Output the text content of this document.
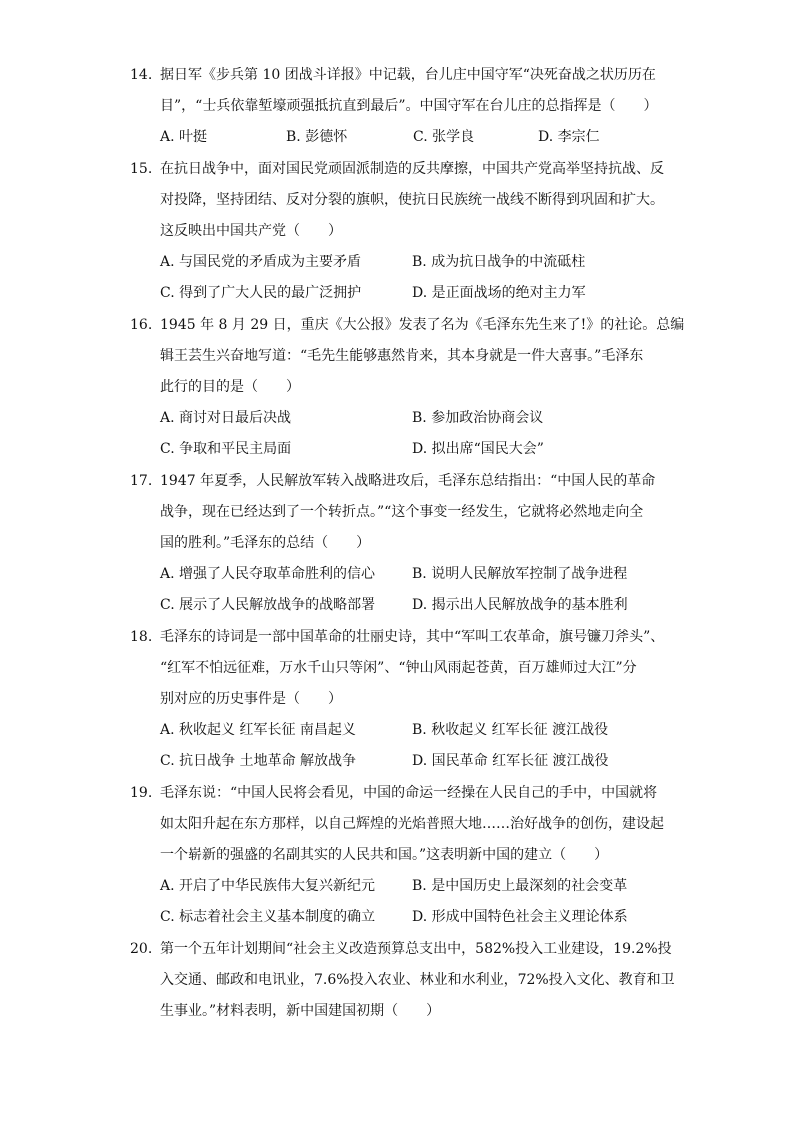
14. 据日军《步兵第 10 团战斗详报》中记载，台儿庄中国守军“决死奋战之状历历在
目”，“士兵依靠堑壕顽强抵抗直到最后”。中国守军在台儿庄的总指挥是（　　）
A. 叶挺	B. 彭德怀	C. 张学良	D. 李宗仁
15. 在抗日战争中，面对国民党顽固派制造的反共摩擦，中国共产党高举坚持抗战、反
对投降，坚持团结、反对分裂的旗帜，使抗日民族统一战线不断得到巩固和扩大。
这反映出中国共产党（　　）
A. 与国民党的矛盾成为主要矛盾	B. 成为抗日战争的中流砥柱
C. 得到了广大人民的最广泛拥护	D. 是正面战场的绝对主力军
16. 1945 年 8 月 29 日，重庆《大公报》发表了名为《毛泽东先生来了!》的社论。总编
辑王芸生兴奋地写道：“毛先生能够惠然肯来，其本身就是一件大喜事。”毛泽东
此行的目的是（　　）
A. 商讨对日最后决战	B. 参加政治协商会议
C. 争取和平民主局面	D. 拟出席“国民大会”
17. 1947 年夏季，人民解放军转入战略进攻后，毛泽东总结指出：“中国人民的革命
战争，现在已经达到了一个转折点。”“这个事变一经发生，它就将必然地走向全
国的胜利。”毛泽东的总结（　　）
A. 增强了人民夺取革命胜利的信心	B. 说明人民解放军控制了战争进程
C. 展示了人民解放战争的战略部署	D. 揭示出人民解放战争的基本胜利
18. 毛泽东的诗词是一部中国革命的壮丽史诗，其中“军叫工农革命，旗号镰刀斧头”、
“红军不怕远征难，万水千山只等闲”、“钟山风雨起苍黄，百万雄师过大江”分
别对应的历史事件是（　　）
A. 秋收起义 红军长征 南昌起义	B. 秋收起义 红军长征 渡江战役
C. 抗日战争 土地革命 解放战争	D. 国民革命 红军长征 渡江战役
19. 毛泽东说：“中国人民将会看见，中国的命运一经操在人民自己的手中，中国就将
如太阳升起在东方那样，以自己辉煌的光焰普照大地……治好战争的创伤，建设起
一个崭新的强盛的名副其实的人民共和国。”这表明新中国的建立（　　）
A. 开启了中华民族伟大复兴新纪元	B. 是中国历史上最深刻的社会变革
C. 标志着社会主义基本制度的确立	D. 形成中国特色社会主义理论体系
20. 第一个五年计划期间“社会主义改造预算总支出中，582%投入工业建设，19.2%投
入交通、邮政和电讯业，7.6%投入农业、林业和水利业，72%投入文化、教育和卫
生事业。”材料表明，新中国建国初期（　　）
